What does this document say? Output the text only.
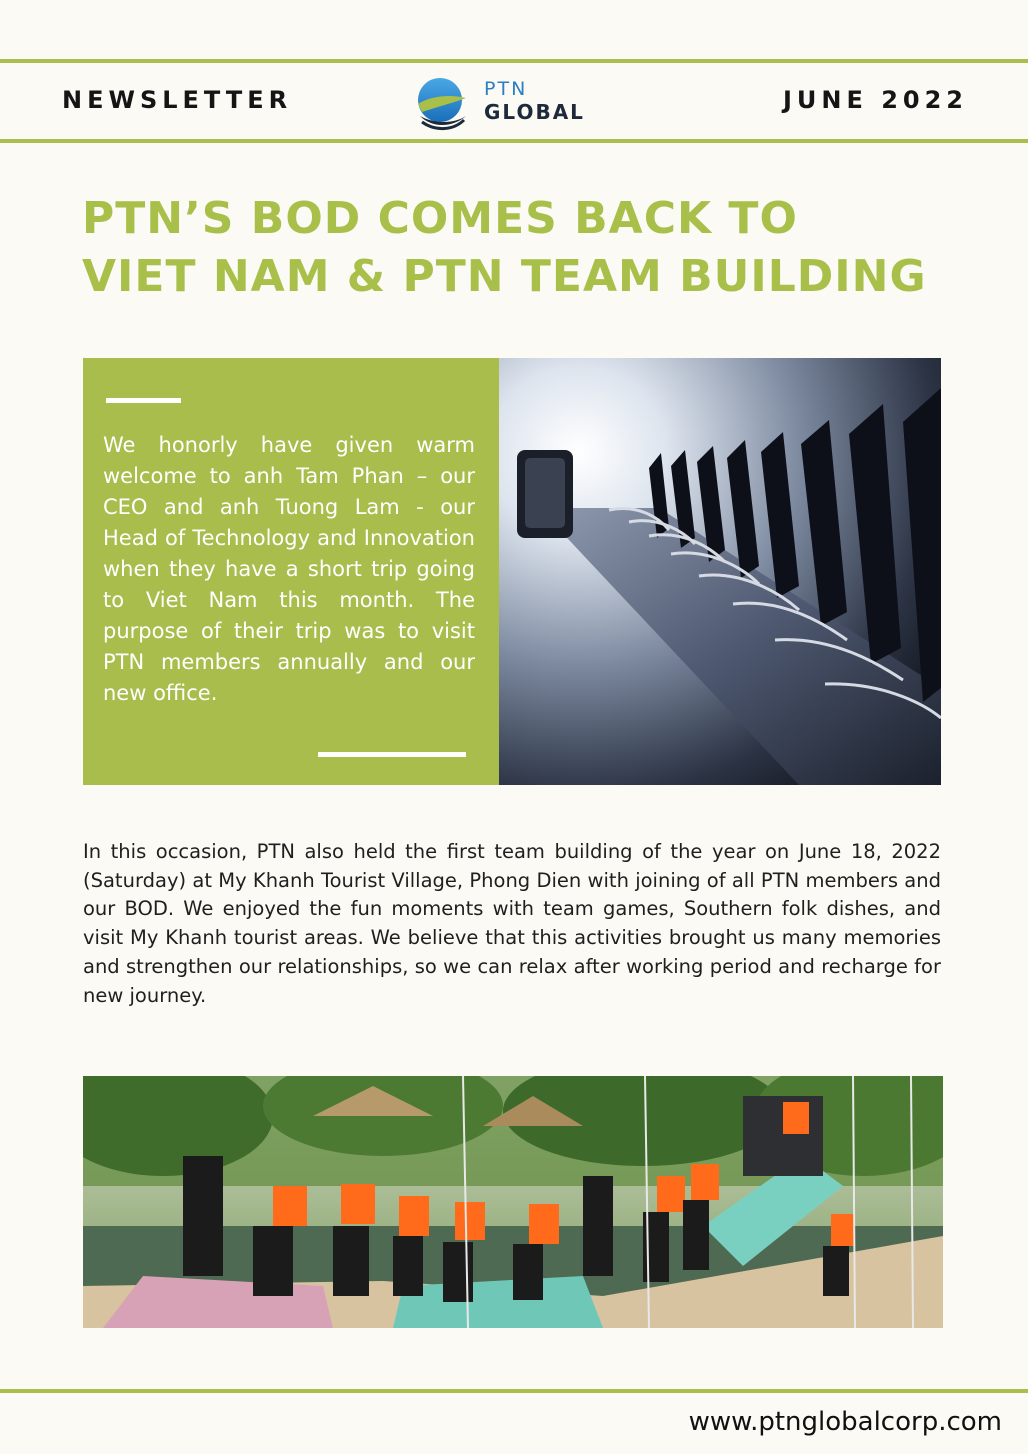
NEWSLETTER	PTN
GLOBAL	JUNE 2022
PTN’S BOD COMES BACK TO
VIET NAM & PTN TEAM BUILDING

We honorly have given warm welcome to anh Tam Phan – our CEO and anh Tuong Lam - our Head of Technology and Innovation when they have a short trip going to Viet Nam this month. The purpose of their trip was to visit PTN members annually and our new office.

In this occasion, PTN also held the first team building of the year on June 18, 2022 (Saturday) at My Khanh Tourist Village, Phong Dien with joining of all PTN members and our BOD. We enjoyed the fun moments with team games, Southern folk dishes, and visit My Khanh tourist areas. We believe that this activities brought us many memories and strengthen our relationships, so we can relax after working period and recharge for new journey.

www.ptnglobalcorp.com
